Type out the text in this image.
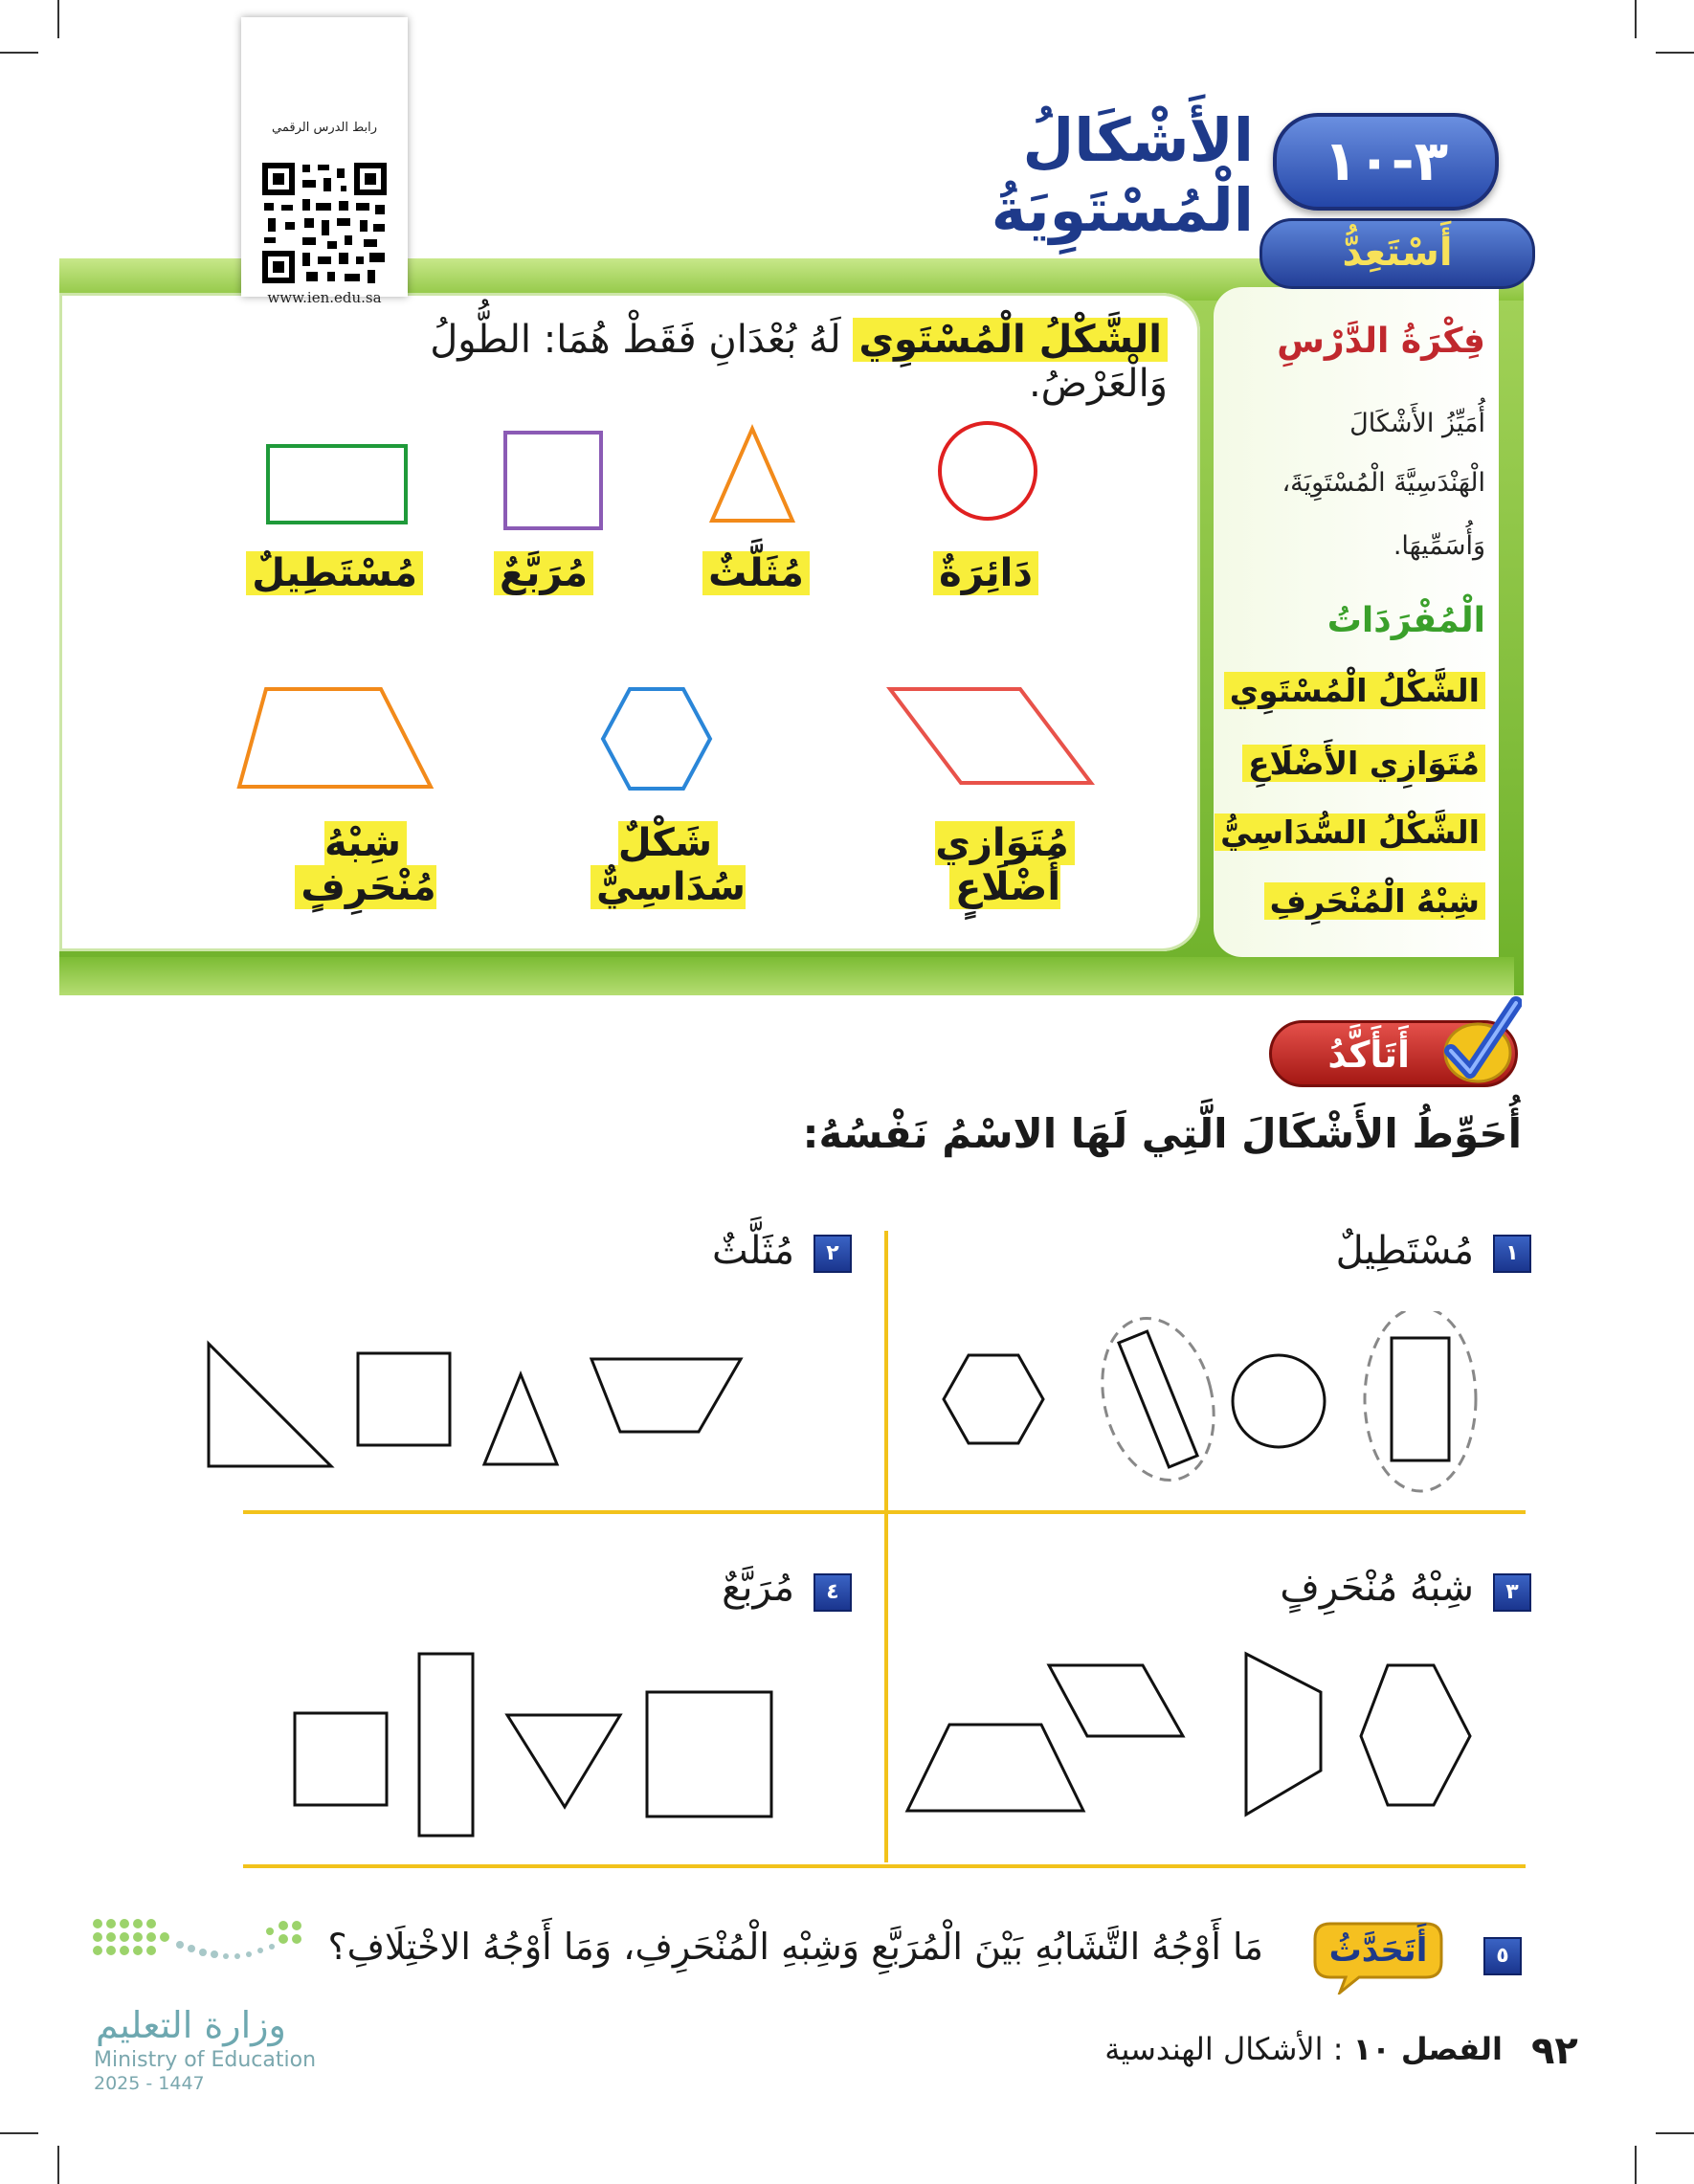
٣-١٠
الأَشْكَالُ الْمُسْتَوِيَةُ
رابط الدرس الرقمي
www.ien.edu.sa
أَسْتَعِدُّ
فِكْرَةُ الدَّرْسِ
أُمَيِّزُ الأَشْكَالَ
الْهَنْدَسِيَّةَ الْمُسْتَوِيَةَ،
وَأُسَمِّيهَا.
الْمُفْرَدَاتُ
الشَّكْلُ الْمُسْتَوِي
مُتَوَازِي الأَضْلَاعِ
الشَّكْلُ السُّدَاسِيُّ
شِبْهُ الْمُنْحَرِفِ
الشَّكْلُ الْمُسْتَوِي لَهُ بُعْدَانِ فَقَطْ هُمَا: الطُّولُ وَالْعَرْضُ.
دَائِرَةٌ
مُثَلَّثٌ
مُرَبَّعٌ
مُسْتَطِيلٌ
مُتَوَازِي أَضْلَاعٍ
شَكْلٌ سُدَاسِيٌّ
شِبْهُ مُنْحَرِفٍ
أَتَأَكَّدُ
أُحَوِّطُ الأَشْكَالَ الَّتِي لَهَا الاسْمُ نَفْسُهُ:
١
مُسْتَطِيلٌ
٢
مُثَلَّثٌ
٣
شِبْهُ مُنْحَرِفٍ
٤
مُرَبَّعٌ
٥
أَتَحَدَّثُ
مَا أَوْجُهُ التَّشَابُهِ بَيْنَ الْمُرَبَّعِ وَشِبْهِ الْمُنْحَرِفِ، وَمَا أَوْجُهُ الاخْتِلَافِ؟
وزارة التعليم
Ministry of Education
2025 - 1447
٩٢
الفصل ١٠ : الأشكال الهندسية
